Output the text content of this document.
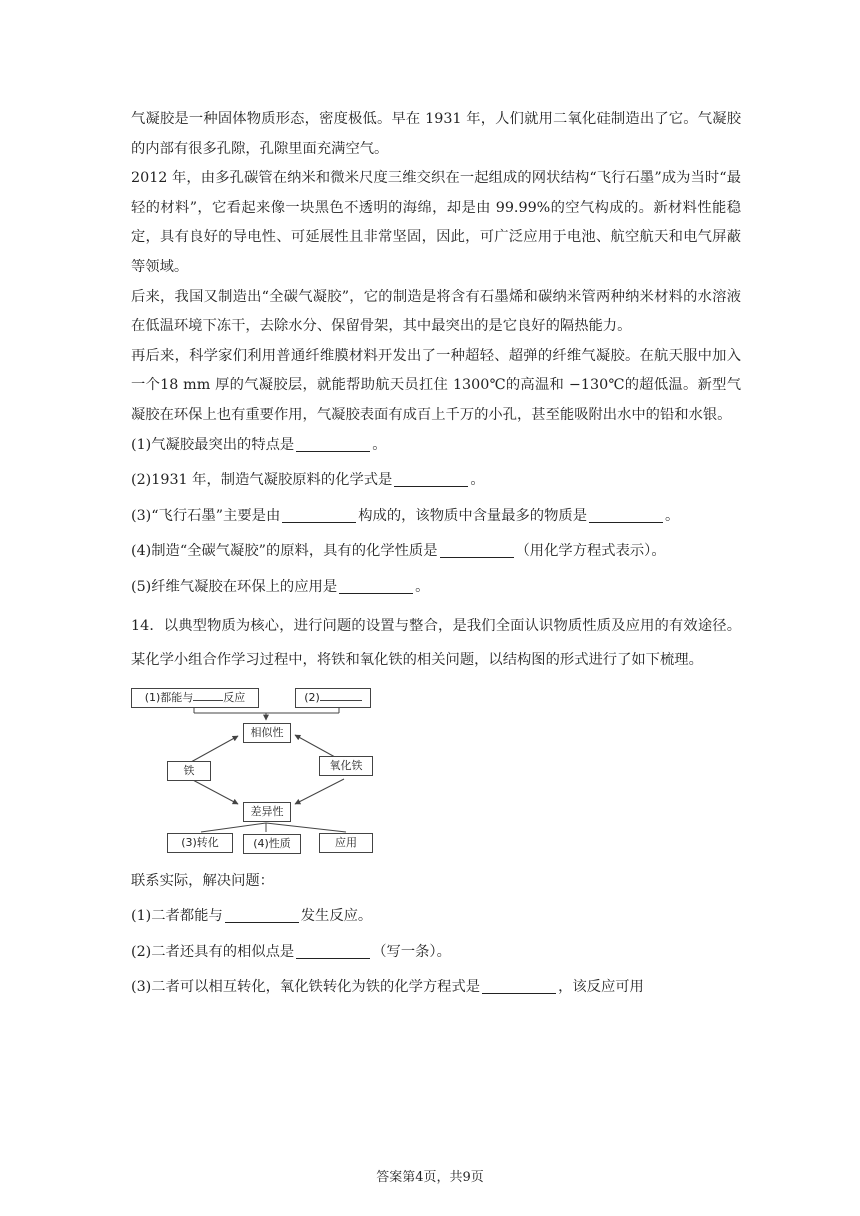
气凝胶是一种固体物质形态，密度极低。早在 1931 年，人们就用二氧化硅制造出了它。气凝胶的内部有很多孔隙，孔隙里面充满空气。

2012 年，由多孔碳管在纳米和微米尺度三维交织在一起组成的网状结构“飞行石墨”成为当时“最轻的材料”，它看起来像一块黑色不透明的海绵，却是由 99.99%的空气构成的。新材料性能稳定，具有良好的导电性、可延展性且非常坚固，因此，可广泛应用于电池、航空航天和电气屏蔽等领域。

后来，我国又制造出“全碳气凝胶”，它的制造是将含有石墨烯和碳纳米管两种纳米材料的水溶液在低温环境下冻干，去除水分、保留骨架，其中最突出的是它良好的隔热能力。

再后来，科学家们利用普通纤维膜材料开发出了一种超轻、超弹的纤维气凝胶。在航天服中加入一个18 mm 厚的气凝胶层，就能帮助航天员扛住 1300℃的高温和 −130℃的超低温。新型气凝胶在环保上也有重要作用，气凝胶表面有成百上千万的小孔，甚至能吸附出水中的铅和水银。

(1)气凝胶最突出的特点是	。

(2)1931 年，制造气凝胶原料的化学式是	。

(3)“飞行石墨”主要是由	构成的，该物质中含量最多的物质是	。

(4)制造“全碳气凝胶”的原料，具有的化学性质是	（用化学方程式表示）。

(5)纤维气凝胶在环保上的应用是	。

14．以典型物质为核心，进行问题的设置与整合，是我们全面认识物质性质及应用的有效途径。某化学小组合作学习过程中，将铁和氧化铁的相关问题，以结构图的形式进行了如下梳理。

(1)都能与	反应	(2)
相似性
铁	氧化铁
差异性
(3)转化	(4)性质	应用

联系实际，解决问题：

(1)二者都能与	发生反应。

(2)二者还具有的相似点是	（写一条）。

(3)二者可以相互转化，氧化铁转化为铁的化学方程式是	，该反应可用

答案第4页，共9页
